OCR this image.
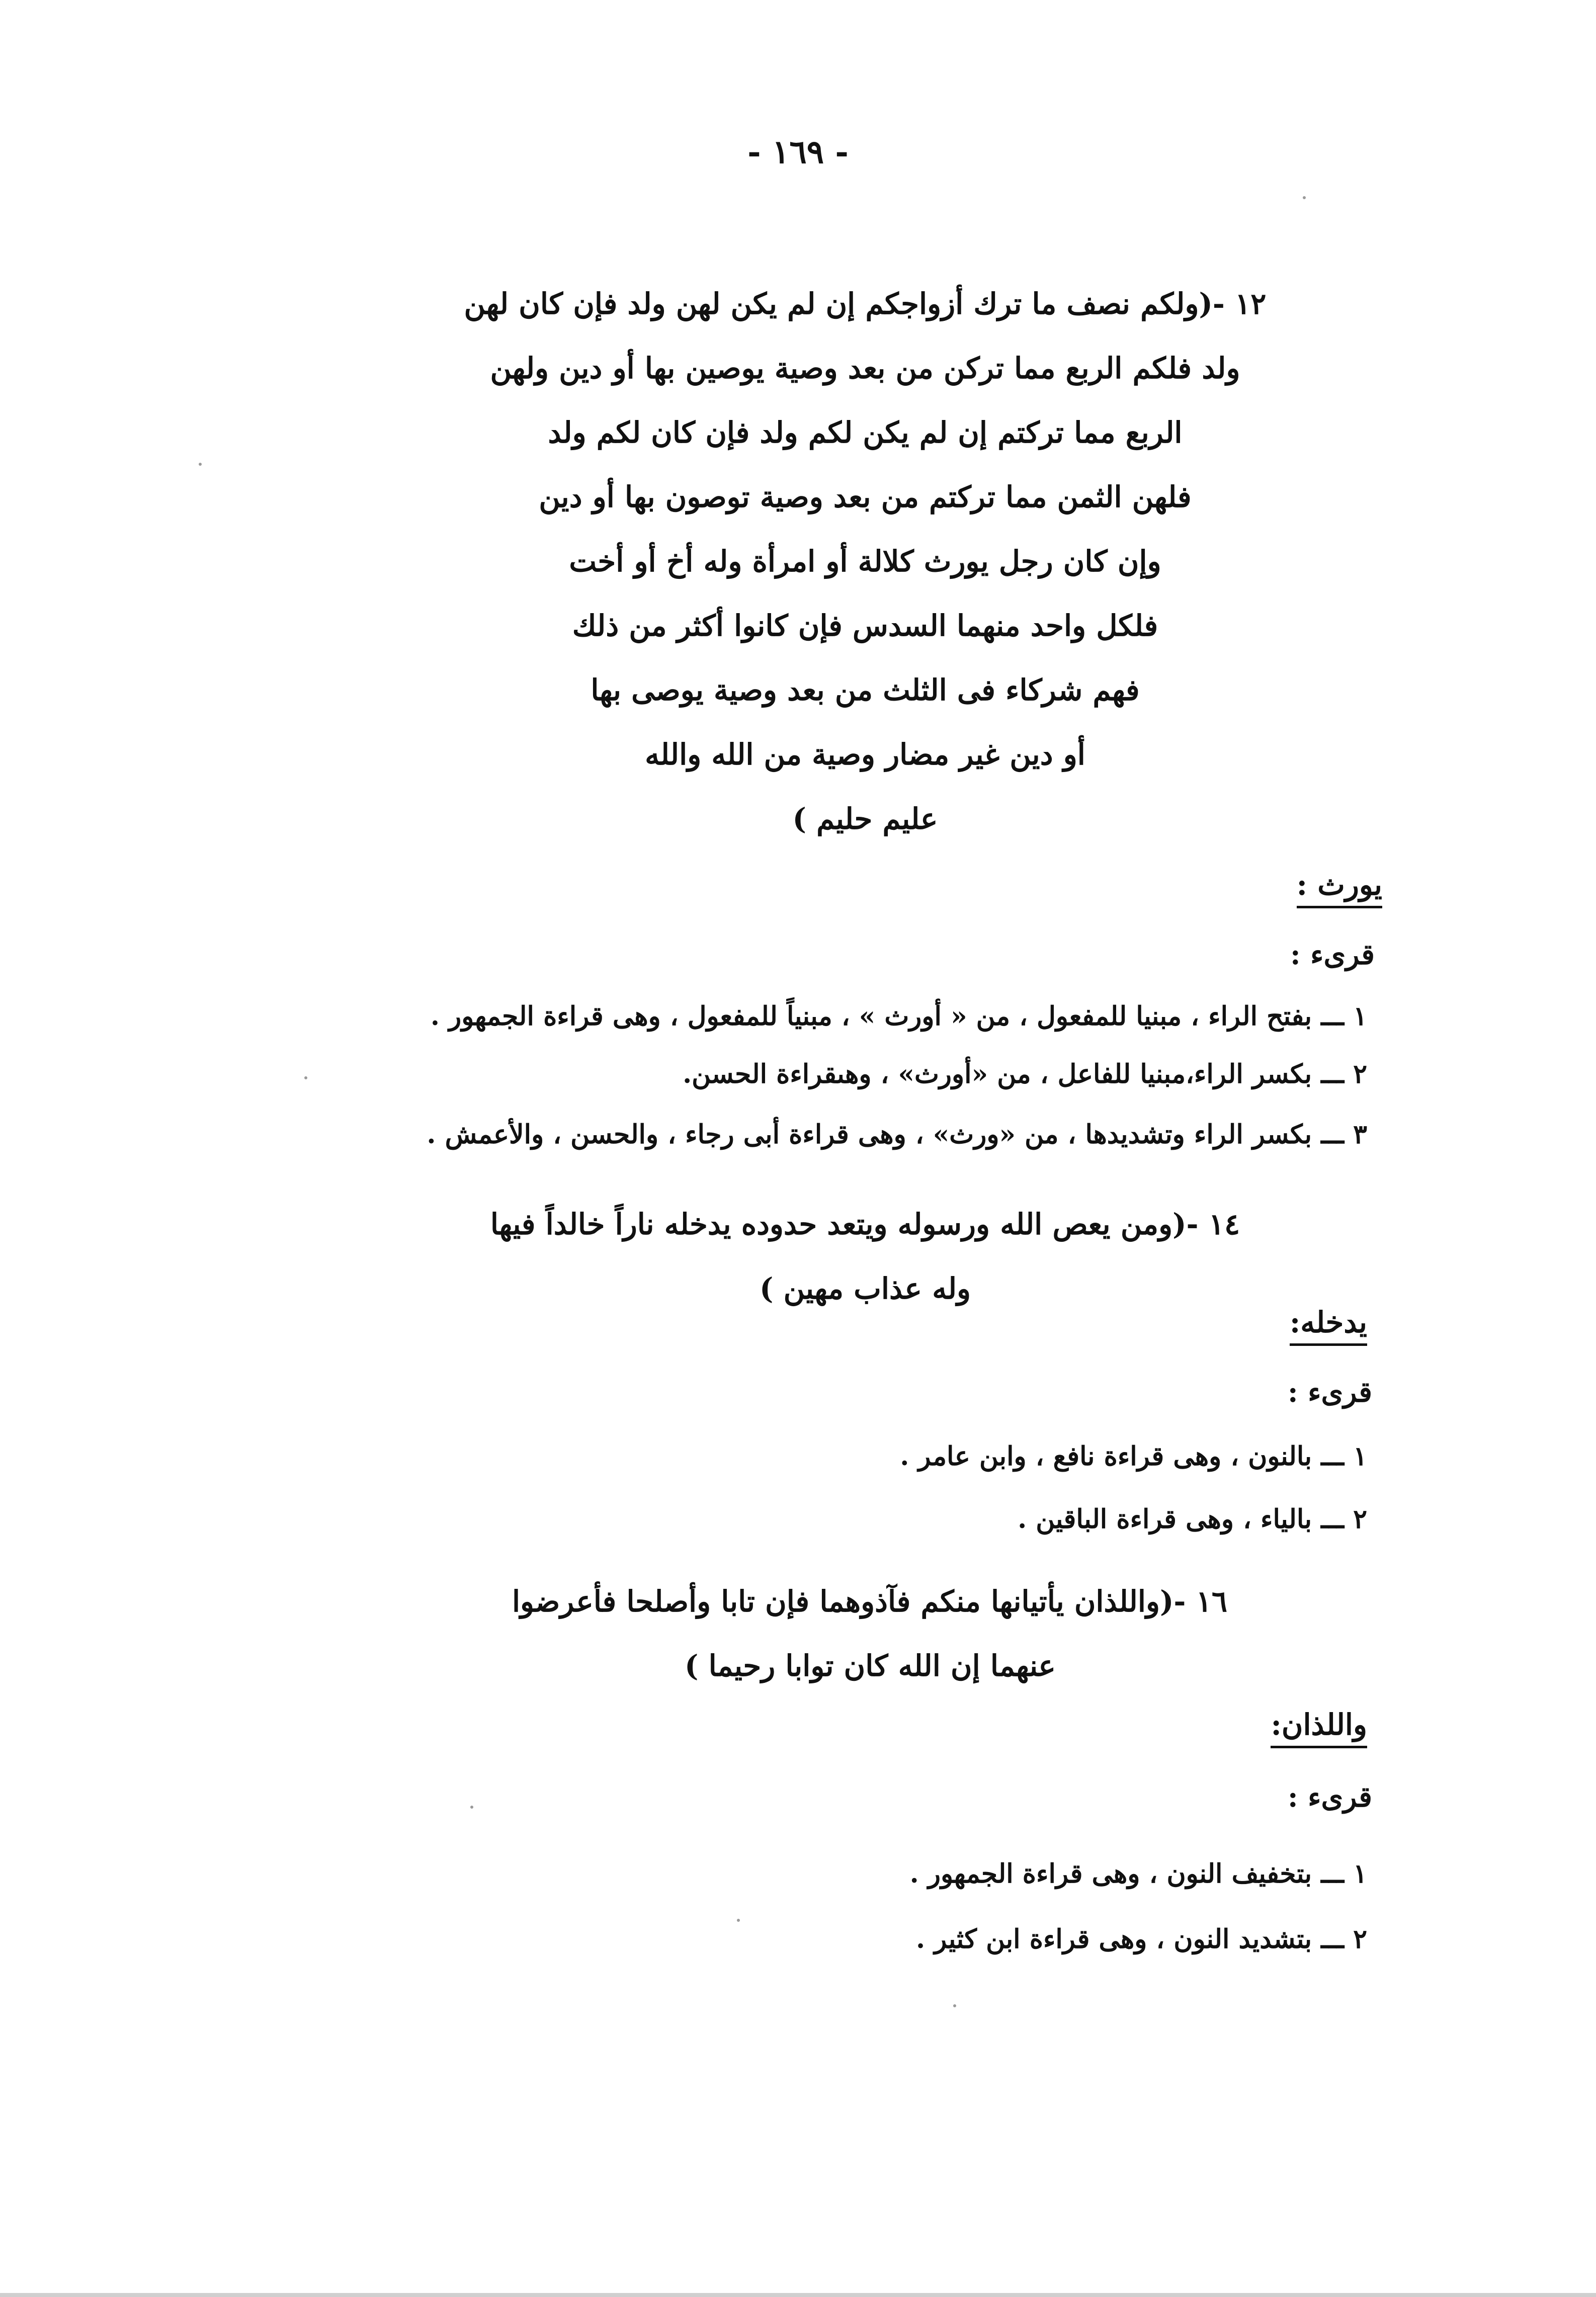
- ١٦٩ -
١٢ -(ولكم نصف ما ترك أزواجكم إن لم يكن لهن ولد فإن كان لهن
ولد فلكم الربع مما تركن من بعد وصية يوصين بها أو دين ولهن
الربع مما تركتم إن لم يكن لكم ولد فإن كان لكم ولد
فلهن الثمن مما تركتم من بعد وصية توصون بها أو دين
وإن كان رجل يورث كلالة أو امرأة وله أخ أو أخت
فلكل واحد منهما السدس فإن كانوا أكثر من ذلك
فهم شركاء فى الثلث من بعد وصية يوصى بها
أو دين غير مضار وصية من الله والله
عليم حليم )
يورث :
قرىء :
١ ـــ بفتح الراء ، مبنيا للمفعول ، من « أورث » ، مبنياً للمفعول ، وهى قراءة الجمهور .
٢ ـــ بكسر الراء،مبنيا للفاعل ، من «أورث» ، وهىقراءة الحسن.
٣ ـــ بكسر الراء وتشديدها ، من «ورث» ، وهى قراءة أبى رجاء ، والحسن ، والأعمش .
١٤ -(ومن يعص الله ورسوله ويتعد حدوده يدخله ناراً خالداً فيها
وله عذاب مهين )
يدخله:
قرىء :
١ ـــ بالنون ، وهى قراءة نافع ، وابن عامر .
٢ ـــ بالياء ، وهى قراءة الباقين .
١٦ -(واللذان يأتيانها منكم فآذوهما فإن تابا وأصلحا فأعرضوا
عنهما إن الله كان توابا رحيما )
واللذان:
قرىء :
١ ـــ بتخفيف النون ، وهى قراءة الجمهور .
٢ ـــ بتشديد النون ، وهى قراءة ابن كثير .
